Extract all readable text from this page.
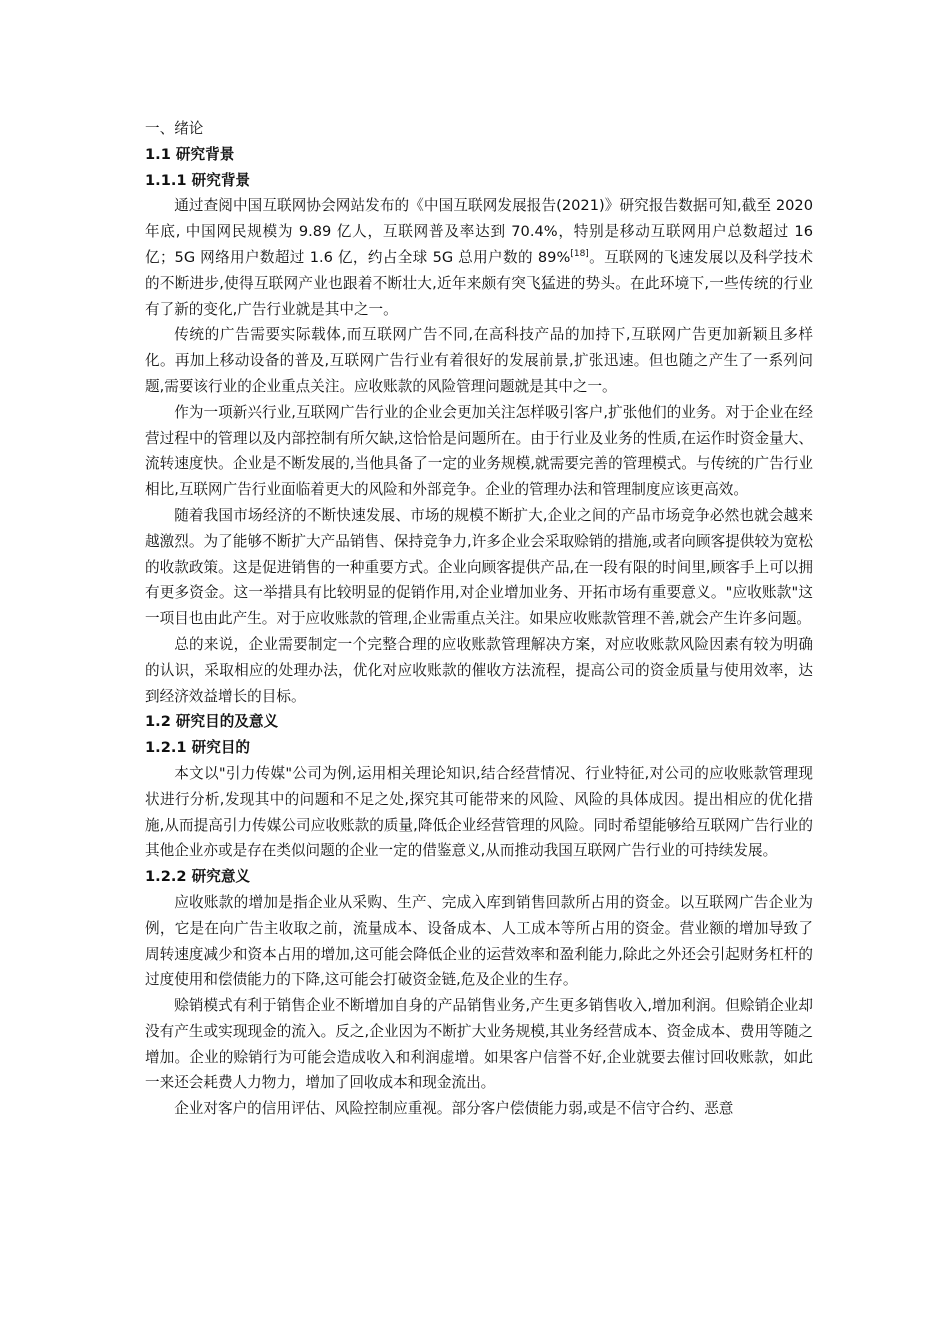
一、绪论
1.1 研究背景
1.1.1 研究背景

通过查阅中国互联网协会网站发布的《中国互联网发展报告(2021)》研究报告数据可知,截至 2020 年底, 中国网民规模为 9.89 亿人，互联网普及率达到 70.4%，特别是移动互联网用户总数超过 16 亿；5G 网络用户数超过 1.6 亿，约占全球 5G 总用户数的 89%[18]。互联网的飞速发展以及科学技术的不断进步,使得互联网产业也跟着不断壮大,近年来颇有突飞猛进的势头。在此环境下,一些传统的行业有了新的变化,广告行业就是其中之一。

传统的广告需要实际载体,而互联网广告不同,在高科技产品的加持下,互联网广告更加新颖且多样化。再加上移动设备的普及,互联网广告行业有着很好的发展前景,扩张迅速。但也随之产生了一系列问题,需要该行业的企业重点关注。应收账款的风险管理问题就是其中之一。

作为一项新兴行业,互联网广告行业的企业会更加关注怎样吸引客户,扩张他们的业务。对于企业在经营过程中的管理以及内部控制有所欠缺,这恰恰是问题所在。由于行业及业务的性质,在运作时资金量大、流转速度快。企业是不断发展的,当他具备了一定的业务规模,就需要完善的管理模式。与传统的广告行业相比,互联网广告行业面临着更大的风险和外部竞争。企业的管理办法和管理制度应该更高效。

随着我国市场经济的不断快速发展、市场的规模不断扩大,企业之间的产品市场竞争必然也就会越来越激烈。为了能够不断扩大产品销售、保持竞争力,许多企业会采取赊销的措施,或者向顾客提供较为宽松的收款政策。这是促进销售的一种重要方式。企业向顾客提供产品,在一段有限的时间里,顾客手上可以拥有更多资金。这一举措具有比较明显的促销作用,对企业增加业务、开拓市场有重要意义。"应收账款"这一项目也由此产生。对于应收账款的管理,企业需重点关注。如果应收账款管理不善,就会产生许多问题。

总的来说，企业需要制定一个完整合理的应收账款管理解决方案，对应收账款风险因素有较为明确的认识，采取相应的处理办法，优化对应收账款的催收方法流程，提高公司的资金质量与使用效率，达到经济效益增长的目标。

1.2 研究目的及意义
1.2.1 研究目的

本文以"引力传媒"公司为例,运用相关理论知识,结合经营情况、行业特征,对公司的应收账款管理现状进行分析,发现其中的问题和不足之处,探究其可能带来的风险、风险的具体成因。提出相应的优化措施,从而提高引力传媒公司应收账款的质量,降低企业经营管理的风险。同时希望能够给互联网广告行业的其他企业亦或是存在类似问题的企业一定的借鉴意义,从而推动我国互联网广告行业的可持续发展。

1.2.2 研究意义

应收账款的增加是指企业从采购、生产、完成入库到销售回款所占用的资金。以互联网广告企业为例，它是在向广告主收取之前，流量成本、设备成本、人工成本等所占用的资金。营业额的增加导致了周转速度减少和资本占用的增加,这可能会降低企业的运营效率和盈利能力,除此之外还会引起财务杠杆的过度使用和偿债能力的下降,这可能会打破资金链,危及企业的生存。

赊销模式有利于销售企业不断增加自身的产品销售业务,产生更多销售收入,增加利润。但赊销企业却没有产生或实现现金的流入。反之,企业因为不断扩大业务规模,其业务经营成本、资金成本、费用等随之增加。企业的赊销行为可能会造成收入和利润虚增。如果客户信誉不好,企业就要去催讨回收账款，如此一来还会耗费人力物力，增加了回收成本和现金流出。

企业对客户的信用评估、风险控制应重视。部分客户偿债能力弱,或是不信守合约、恶意
